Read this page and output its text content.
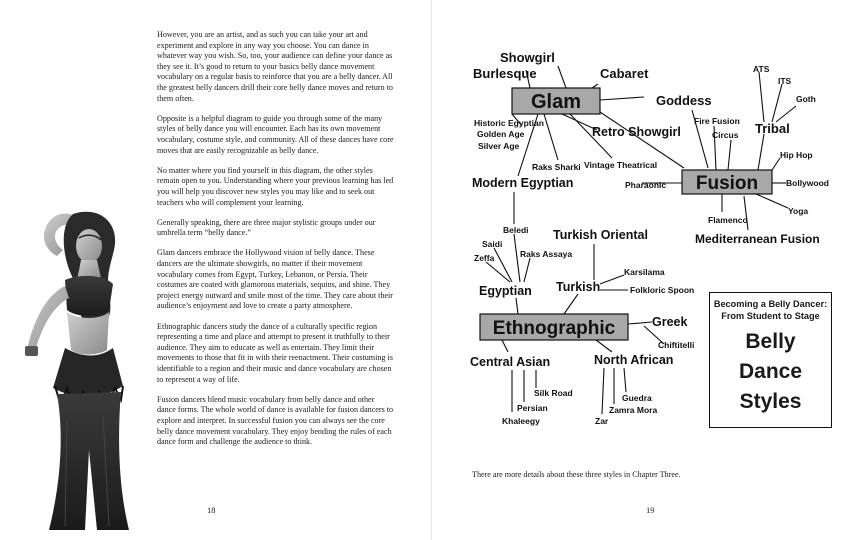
However, you are an artist, and as such you can take your art and experiment and explore in any way you choose. You can dance in whatever way you wish. So, too, your audience can define your dance as they see it. It’s good to return to your basics belly dance movement vocabulary on a regular basis to reinforce that you are a belly dancer. All the greatest belly dancers drill their core belly dance moves and return to them often.

Opposite is a helpful diagram to guide you through some of the many styles of belly dance you will encounter. Each has its own movement vocabulary, costume style, and community. All of these dances have core moves that are easily recognizable as belly dance.

No matter where you find yourself in this diagram, the other styles remain open to you. Understanding where your previous learning has led you will help you discover new styles you may like and to seek out teachers who will complement your learning.

Generally speaking, there are three major stylistic groups under our umbrella term “belly dance.”

Glam dancers embrace the Hollywood vision of belly dance. These dancers are the ultimate showgirls, no matter if their movement vocabulary comes from Egypt, Turkey, Lebanon, or Persia. Their costumes are coated with glamorous materials, sequins, and shine. They project energy outward and smile most of the time. They care about their audience’s enjoyment and love to create a party atmosphere.

Ethnographic dancers study the dance of a culturally specific region representing a time and place and attempt to present it truthfully to their audience. They aim to educate as well as entertain. They limit their movements to those that fit in with their reenactment. Their costuming is identifiable to a region and their music and dance vocabulary are chosen to represent a way of life.

Fusion dancers blend music vocabulary from belly dance and other dance forms. The whole world of dance is available for fusion dancers to explore and interpret. In successful fusion you can always see the core belly dance movement vocabulary. They enjoy bending the rules of each dance form and challenge the audience to think.

18
Glam
Fusion
Ethnographic
Showgirl
Burlesque	Cabaret
Goddess
Historic Egyptian
Golden Age
Silver Age
Retro Showgirl
Raks Sharki Vintage Theatrical
Modern Egyptian	Pharaonic
ATS
ITS
Goth
Tribal
Fire Fusion
Circus
Hip Hop
Bollywood
Yoga
Flamenco
Mediterranean Fusion
Beledi
Saidi
Zeffa	Raks Assaya
Turkish Oriental
Karsilama
Turkish	Folkloric Spoon
Egyptian
Greek
Chiftitelli
Central Asian	North African
Silk Road
Persian
Khaleegy
Guedra
Zamra Mora
Zar
Becoming a Belly Dancer:
From Student to Stage
Belly
Dance
Styles
There are more details about these three styles in Chapter Three.
19
